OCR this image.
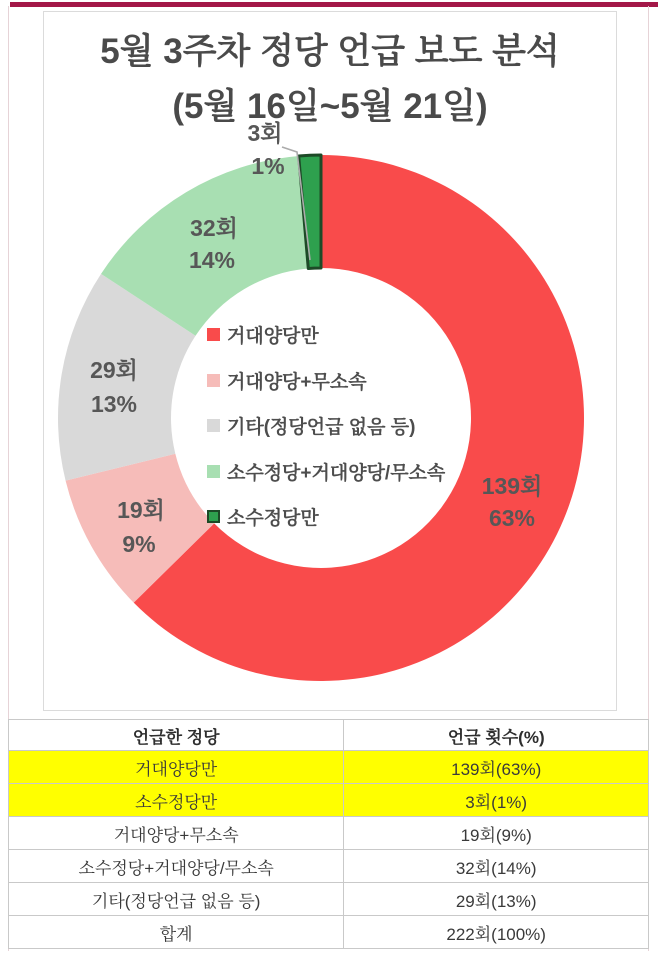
139회
63%
19회
9%
29회
13%
32회
14%
3회
1%
5월 3주차 정당 언급 보도 분석
(5월 16일~5월 21일)
거대양당만
거대양당+무소속
기타(정당언급 없음 등)
소수정당+거대양당/무소속
소수정당만
언급한 정당	언급 횟수(%)
거대양당만	139회(63%)
소수정당만	3회(1%)
거대양당+무소속	19회(9%)
소수정당+거대양당/무소속	32회(14%)
기타(정당언급 없음 등)	29회(13%)
합계	222회(100%)
